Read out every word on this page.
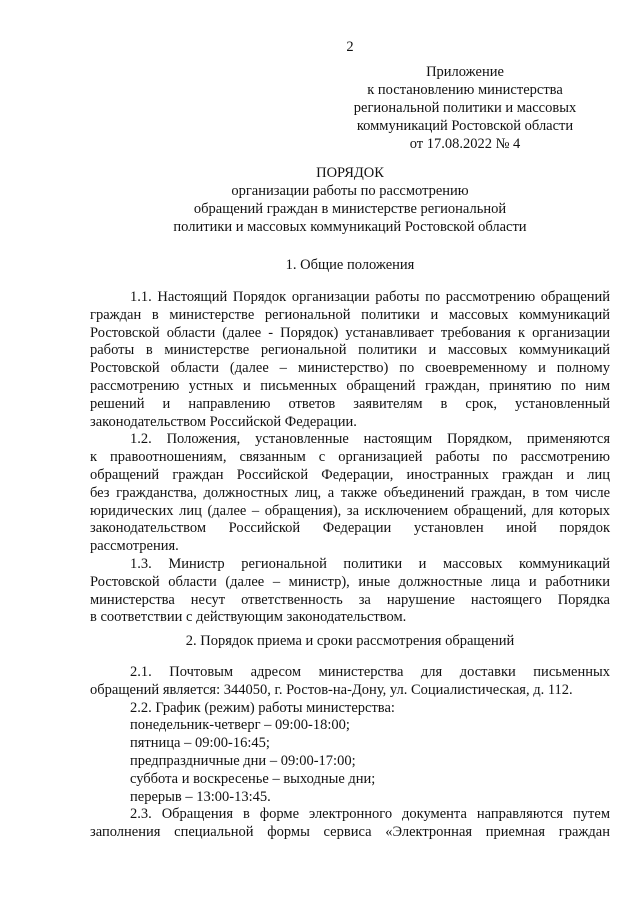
2
Приложение
к постановлению министерства
региональной политики и массовых
коммуникаций Ростовской области
от 17.08.2022 № 4
ПОРЯДОК
организации работы по рассмотрению
обращений граждан в министерстве региональной
политики и массовых коммуникаций Ростовской области
1. Общие положения
1.1. Настоящий Порядок организации работы по рассмотрению обращений
граждан в министерстве региональной политики и массовых коммуникаций
Ростовской области (далее - Порядок) устанавливает требования к организации
работы в министерстве региональной политики и массовых коммуникаций
Ростовской области (далее – министерство) по своевременному и полному
рассмотрению устных и письменных обращений граждан, принятию по ним
решений и направлению ответов заявителям в срок, установленный
законодательством Российской Федерации.
1.2. Положения, установленные настоящим Порядком, применяются
к правоотношениям, связанным с организацией работы по рассмотрению
обращений граждан Российской Федерации, иностранных граждан и лиц
без гражданства, должностных лиц, а также объединений граждан, в том числе
юридических лиц (далее – обращения), за исключением обращений, для которых
законодательством Российской Федерации установлен иной порядок
рассмотрения.
1.3. Министр региональной политики и массовых коммуникаций
Ростовской области (далее – министр), иные должностные лица и работники
министерства несут ответственность за нарушение настоящего Порядка
в соответствии с действующим законодательством.
2. Порядок приема и сроки рассмотрения обращений
2.1. Почтовым адресом министерства для доставки письменных
обращений является: 344050, г. Ростов-на-Дону, ул. Социалистическая, д. 112.
2.2. График (режим) работы министерства:
понедельник-четверг – 09:00-18:00;
пятница – 09:00-16:45;
предпраздничные дни – 09:00-17:00;
суббота и воскресенье – выходные дни;
перерыв – 13:00-13:45.
2.3. Обращения в форме электронного документа направляются путем
заполнения специальной формы сервиса «Электронная приемная граждан
